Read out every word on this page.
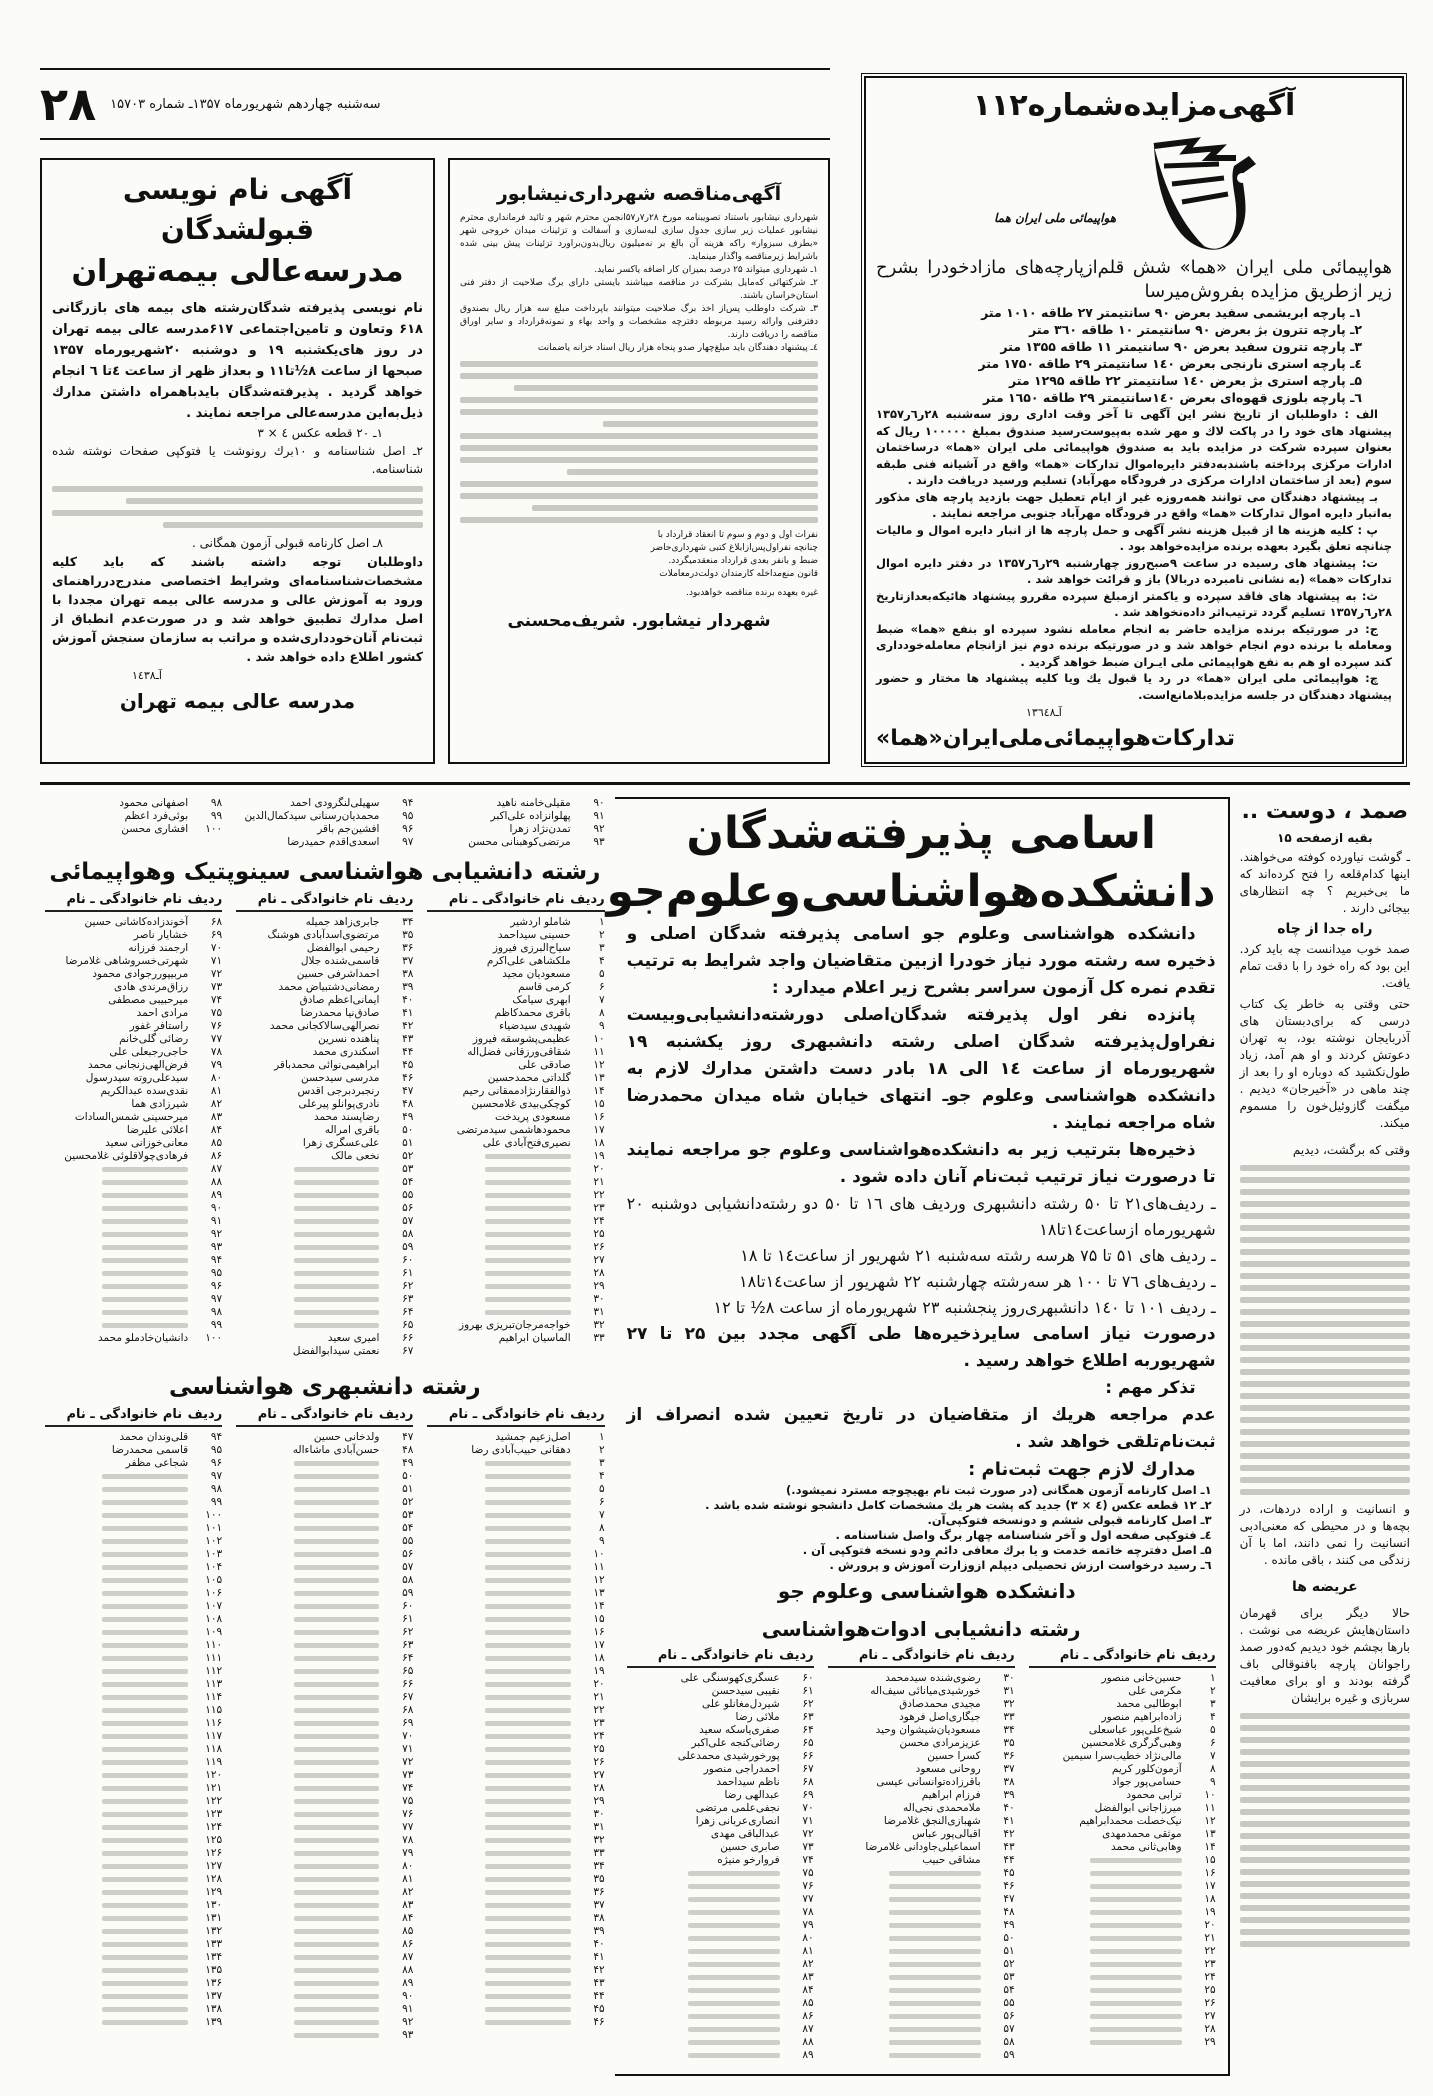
۲۸ سه‌شنبه چهاردهم شهریورماه ۱۳۵۷ـ شماره ۱۵۷۰۳
آگهی نام نویسی قبولشدگان
مدرسه‌عالی بیمه‌تهران

نام نویسی پذیرفته شدگان‌رشته های بیمه های بازرگانی ۶۱۸ وتعاون و تامین‌اجتماعی ۶۱۷مدرسه عالی بیمه تهران در روز های‌یکشنبه ۱۹ و دوشنبه ۲۰شهریورماه ۱۳۵۷ صبحها از ساعت ۸½تا۱۱ و بعداز ظهر از ساعت ٤تا ٦ انجام خواهد گردید . پذیرفته‌شدگان بایدباهمراه داشتن مدارك ذیل‌به‌این مدرسه‌عالی مراجعه نمایند .

۱ـ ۲۰ قطعه عکس ٤ × ۳

۲ـ اصل شناسنامه و ۱۰برك رونوشت یا فتوکپی صفحات نوشته شده شناسنامه.

۸ـ اصل کارنامه قبولی آزمون همگانی .

داوطلبان توجه داشته باشند که باید کلیه مشخصات‌شناسنامه‌ای وشرایط اختصاصی مندرج‌درراهنمای ورود به آموزش عالی و مدرسه عالی بیمه تهران مجددا با اصل مدارك تطبیق خواهد شد و در صورت‌عدم انطباق از ثبت‌نام آنان‌خودداری‌شده و مراتب به سازمان سنجش آموزش کشور اطلاع داده خواهد شد .

آـ۱٤۳۸
مدرسه عالی بیمه تهران
آگهی‌مناقصه شهرداری‌نیشابور

شهرداری نیشابور باستناد تصویبنامه مورخ ۲۸ر۷ر۵۷انجمن محترم شهر و تائید فرمانداری محترم نیشابور عملیات زیر سازی جدول سازی لبه‌سازی و آسفالت و تزئینات میدان خروجی شهر «بطرف سبزوار» راکه هزینه آن بالغ بر نه‌میلیون ریال‌بدون‌براورد تزئینات پیش بینی شده باشرایط زیرمناقصه واگذار مینماید.

۱ـ شهرداری میتواند ۲۵ درصد بمیزان کار اضافه یاکسر نماید.

۲ـ شرکتهائی که‌مایل بشرکت در مناقصه میباشند بایستی دارای برگ صلاحیت از دفتر فنی استان‌خراسان باشند.

۳ـ شرکت داوطلب پس‌از اخذ برگ صلاحیت میتوانند باپرداخت مبلغ سه هزار ریال بصندوق دفترفنی وارائه رسید مربوطه دفترچه مشخصات و واحد بهاء و نمونه‌قرارداد و سایر اوراق مناقصه را دریافت دارند.

٤ـ پیشنهاد دهندگان باید مبلغ‌چهار صدو پنجاه هزار ریال اسناد خزانه یاضمانت

نفرات اول و دوم و سوم تا انعقاد قرارداد با

چنانچه نفراول‌پس‌ازابلاغ کتبی شهرداری‌حاضر

ضبط و بانفر بعدی قرارداد منعقدمیگردد.

قانون منع‌مداخله کارمندان دولت‌درمعاملات

غیره بعهده برنده مناقصه خواهدبود.

شهردار نیشابور. شریف‌محسنی
آگهی‌مزایده‌شماره۱۱۲
هواپیمائی ملی ایران هما

هواپیمائی ملی ایران «هما» شش قلم‌ازپارچه‌های مازادخودرا بشرح زیر ازطریق مزایده بفروش‌میرسا

۱ـ پارچه ابریشمی سفید بعرض ۹۰ سانتیمتر ۲۷ طاقه ۱۰۱۰ متر

۲ـ پارچه تترون بژ بعرض ۹۰ سانتیمتر ۱۰ طاقه ۳٦۰ متر

۳ـ پارچه تترون سفید بعرض ۹۰ سانتیمتر ۱۱ طاقه ۱۳۵۵ متر

٤ـ پارچه استری نارنجی بعرض ۱٤۰ سانتیمتر ۲۹ طاقه ۱۷۵۰ متر

۵ـ پارچه استری بژ بعرض ۱٤۰ سانتیمتر ۲۲ طاقه ۱۲۹۵ متر

٦ـ پارچه بلوزی قهوه‌ای بعرض ۱٤۰سانتیمتر ۲۹ طاقه ۱٦۵۰ متر

الف : داوطلبان از تاریخ نشر این آگهی تا آخر وقت اداری روز سه‌شنبه ۲۸ر٦ر۱۳۵۷ پیشنهاد های خود را در پاکت لاك و مهر شده به‌پیوست‌رسید صندوق بمبلغ ۱۰۰۰۰۰ ریال که بعنوان سپرده شرکت در مزایده باید به صندوق هواپیمائی ملی ایران «هما» درساختمان ادارات مرکزی پرداخته باشندبه‌دفتر دایره‌اموال تدارکات «هما» واقع در آشیانه فنی طبقه سوم (بعد از ساختمان ادارات مرکزی در فرودگاه مهرآباد) تسلیم ورسید دریافت دارند .

بـ پیشنهاد دهندگان می توانند همه‌روزه غیر از ایام تعطیل جهت بازدید پارچه های مذکور به‌انبار دایره اموال تدارکات «هما» واقع در فرودگاه مهرآباد جنوبی مراجعه نمایند .

پ : کلیه هزینه ها از قبیل هزینه نشر آگهی و حمل پارچه ها از انبار دایره اموال و مالیات چنانچه تعلق بگیرد بعهده برنده مزایده‌خواهد بود .

ت: پیشنهاد های رسیده در ساعت ۹صبح‌روز چهارشنبه ۲۹ر٦ر۱۳۵۷ در دفتر دایره اموال تدارکات «هما» (به نشانی نامبرده دربالا) باز و قرائت خواهد شد .

ث: به پیشنهاد های فاقد سپرده و یاکمتر ازمبلغ سپرده مقررو پیشنهاد هائیکه‌بعدازتاریخ ۲۸ر٦ر۱۳۵۷ تسلیم گردد ترتیب‌اثر داده‌نخواهد شد .

ج: در صورتیکه برنده مزایده حاضر به انجام معامله نشود سپرده او بنفع «هما» ضبط ومعامله با برنده دوم انجام خواهد شد و در صورتیکه برنده دوم نیز ازانجام معامله‌خودداری کند سپرده او هم به نفع هواپیمائی ملی ایـران ضبط خواهد گردید .

چ: هواپیمائی ملی ایران «هما» در رد یا قبول یك ویا کلیه پیشنهاد ها مختار و حضور پیشنهاد دهندگان در جلسه مزایده‌بلامانع‌است.

آـ۱۳٦٤۸
تدارکات‌هواپیمائی‌ملی‌ایران«هما»
۹۰
مقیلی‌خامنه ناهید
۹۱
پهلوانزاده علی‌اکبر
۹۲
تمدن‌نژاد زهرا
۹۳
مرتضی‌کوهبنانی محسن
۹۴
سهیلی‌لنگرودی احمد
۹۵
محمدیان‌رسنانی سیدکمال‌الدین
۹۶
افشین‌جم باقر
۹۷
اسعدی‌اقدم حمیدرضا
۹۸
اصفهانی محمود
۹۹
بوئی‌فرد اعظم
۱۰۰
افشاری محسن
رشته دانشیابی هواشناسی سینوپتیک وهواپیمائی
ردیف
نام خانوادگی ـ نام
۱
شاملو اردشیر
۲
حسینی سیداحمد
۳
سیاح‌البرزی فیروز
۴
ملکشاهی علی‌اکرم
۵
مسعودیان مجید
۶
کرمی قاسم
۷
ابهری سیامک
۸
باقری محمدکاظم
۹
شهیدی سیدضیاء
۱۰
عظیمی‌پشوسقه فیروز
۱۱
شقاقی‌ورزقانی فضل‌اله
۱۲
صادقی علی
۱۳
گلداتی محمدحسین
۱۴
ذوالفقارنژادممقانی رحیم
۱۵
کوچکی‌بیدی غلامحسین
۱۶
مسعودی پریدخت
۱۷
محمودهاشمی سیدمرتضی
۱۸
نصیری‌فتح‌آبادی علی
۱۹
۲۰
۲۱
۲۲
۲۳
۲۴
۲۵
۲۶
۲۷
۲۸
۲۹
۳۰
۳۱
۳۲
خواجه‌مرجان‌تبریزی بهروز
۳۳
الماسیان ابراهیم
ردیف
نام خانوادگی ـ نام
۳۴
جابری‌زاهد جمیله
۳۵
مرتضوی‌اسدآبادی هوشنگ
۳۶
رحیمی ابوالفضل
۳۷
قاسمی‌شنده جلال
۳۸
احمداشرفی حسین
۳۹
رمضانی‌دشتبیاض محمد
۴۰
ایمانی‌اعظم صادق
۴۱
صادق‌نیا محمدرضا
۴۲
نصرالهی‌سالاکجانی محمد
۴۳
پناهنده نسرین
۴۴
اسکندری محمد
۴۵
ابراهیمی‌نوائی محمدباقر
۴۶
مدرسی سیدحسن
۴۷
رنجبردبرجی اقدس
۴۸
نادری‌پوانلو پیرعلی
۴۹
رضاپسند محمد
۵۰
باقری امراله
۵۱
علی‌عسگری زهرا
۵۲
نخعی مالک
۵۳
۵۴
۵۵
۵۶
۵۷
۵۸
۵۹
۶۰
۶۱
۶۲
۶۳
۶۴
۶۵
۶۶
امیری سعید
۶۷
نعمتی سیدابوالفضل
ردیف
نام خانوادگی ـ نام
۶۸
آخوندزاده‌کاشانی حسین
۶۹
خشایار ناصر
۷۰
ارجمند فرزانه
۷۱
شهرتی‌خسروشاهی غلامرضا
۷۲
مربیپوررجوادی محمود
۷۳
رزاق‌مرندی هادی
۷۴
میرحبیبی مصطفی
۷۵
مرادی احمد
۷۶
راستافر غفور
۷۷
رضائی گلی‌خانم
۷۸
حاجی‌رجبعلی علی
۷۹
فرض‌الهی‌زنجانی محمد
۸۰
سیدعلی‌روته سیدرسول
۸۱
نقدی‌سده عبدالکریم
۸۲
شیرزادی هما
۸۳
میرحسینی شمس‌السادات
۸۴
اعلائی علیرضا
۸۵
معانی‌خوزانی سعید
۸۶
فرهادی‌چولاقلوئی غلامحسین
۸۷
۸۸
۸۹
۹۰
۹۱
۹۲
۹۳
۹۴
۹۵
۹۶
۹۷
۹۸
۹۹
۱۰۰
دانشیان‌خادملو محمد
رشته دانشبهری هواشناسی
ردیف
نام خانوادگی ـ نام
۱
اصل‌زعیم جمشید
۲
دهقانی حبیب‌آبادی رضا
۳
۴
۵
۶
۷
۸
۹
۱۰
۱۱
۱۲
۱۳
۱۴
۱۵
۱۶
۱۷
۱۸
۱۹
۲۰
۲۱
۲۲
۲۳
۲۴
۲۵
۲۶
۲۷
۲۸
۲۹
۳۰
۳۱
۳۲
۳۳
۳۴
۳۵
۳۶
۳۷
۳۸
۳۹
۴۰
۴۱
۴۲
۴۳
۴۴
۴۵
۴۶
ردیف
نام خانوادگی ـ نام
۴۷
ولدخانی حسین
۴۸
حسن‌آبادی ماشاءاله
۴۹
۵۰
۵۱
۵۲
۵۳
۵۴
۵۵
۵۶
۵۷
۵۸
۵۹
۶۰
۶۱
۶۲
۶۳
۶۴
۶۵
۶۶
۶۷
۶۸
۶۹
۷۰
۷۱
۷۲
۷۳
۷۴
۷۵
۷۶
۷۷
۷۸
۷۹
۸۰
۸۱
۸۲
۸۳
۸۴
۸۵
۸۶
۸۷
۸۸
۸۹
۹۰
۹۱
۹۲
۹۳
ردیف
نام خانوادگی ـ نام
۹۴
قلی‌وندان محمد
۹۵
قاسمی محمدرضا
۹۶
شجاعی مظفر
۹۷
۹۸
۹۹
۱۰۰
۱۰۱
۱۰۲
۱۰۳
۱۰۴
۱۰۵
۱۰۶
۱۰۷
۱۰۸
۱۰۹
۱۱۰
۱۱۱
۱۱۲
۱۱۳
۱۱۴
۱۱۵
۱۱۶
۱۱۷
۱۱۸
۱۱۹
۱۲۰
۱۲۱
۱۲۲
۱۲۳
۱۲۴
۱۲۵
۱۲۶
۱۲۷
۱۲۸
۱۲۹
۱۳۰
۱۳۱
۱۳۲
۱۳۳
۱۳۴
۱۳۵
۱۳۶
۱۳۷
۱۳۸
۱۳۹
اسامی پذیرفته‌شدگان
دانشکده‌هواشناسی‌وعلوم‌جو

دانشکده هواشناسی وعلوم جو اسامی پذیرفته شدگان اصلی و ذخیره سه رشته مورد نیاز خودرا ازبین متقاضیان واجد شرایط به ترتیب تقدم نمره کل آزمون سراسر بشرح زیر اعلام میدارد :

پانزده نفر اول پذیرفته شدگان‌اصلی دورشته‌دانشیابی‌وبیست نفراول‌پذیرفته شدگان اصلی رشته دانشبهری روز یکشنبه ۱۹ شهریورماه از ساعت ۱٤ الی ۱۸ بادر دست داشتن مدارك لازم به دانشکده هواشناسی وعلوم جوـ انتهای خیابان شاه میدان محمدرضا شاه مراجعه نمایند .

ذخیره‌ها بترتیب زیر به دانشکده‌هواشناسی وعلوم جو مراجعه نمایند تا درصورت نیاز ترتیب ثبت‌نام آنان داده شود .

ـ ردیف‌های۲۱ تا ۵۰ رشته دانشبهری وردیف های ۱٦ تا ۵۰ دو رشته‌دانشیابی دوشنبه ۲۰ شهریورماه ازساعت۱٤تا۱۸

ـ ردیف های ۵۱ تا ۷۵ هرسه رشته سه‌شنبه ۲۱ شهریور از ساعت۱٤ تا ۱۸

ـ ردیف‌های ۷٦ تا ۱۰۰ هر سه‌رشته چهارشنبه ۲۲ شهریور از ساعت۱٤تا۱۸

ـ ردیف ۱۰۱ تا ۱٤۰ دانشبهری‌روز پنجشنبه ۲۳ شهریورماه از ساعت ۸½ تا ۱۲

درصورت نیاز اسامی سایرذخیره‌ها طی آگهی مجدد بین ۲۵ تا ۲۷ شهریوربه اطلاع خواهد رسید .

تذکر مهم :

عدم مراجعه هریك از متقاضیان در تاریخ تعیین شده انصراف از ثبت‌نام‌تلقی خواهد شد .

مدارك لازم جهت ثبت‌نام :

۱ـ اصل کارنامه آزمون همگانی (در صورت ثبت نام بهیچوجه مسترد نمیشود.)

۲ـ ۱۲ قطعه عکس (٤ × ۳) جدید که پشت هر یك مشخصات کامل دانشجو نوشته شده باشد .

۳ـ اصل کارنامه قبولی ششم و دونسخه فتوکپی‌آن.

٤ـ فتوکپی صفحه اول و آخر شناسنامه چهار برگ واصل شناسنامه .

۵ـ اصل دفترچه خاتمه خدمت و یا برك معافی دائم ودو نسخه فتوکپی آن .

٦ـ رسید درخواست ارزش تحصیلی دیپلم ازوزارت آموزش و پرورش .

دانشکده هواشناسی وعلوم جو
رشته دانشیابی ادوات‌هواشناسی
ردیف
نام خانوادگی ـ نام
۱
حسین‌خانی منصور
۲
مکرمی علی
۳
ابوطالبی محمد
۴
زاده‌ابراهیم منصور
۵
شیخ‌علی‌پور عباسعلی
۶
وهبی‌گرگری غلامحسین
۷
مالی‌نژاد خطیب‌سرا سیمین
۸
آزمون‌کلور کریم
۹
حسامی‌پور جواد
۱۰
ترابی محمود
۱۱
میرزاجانی ابوالفضل
۱۲
نیک‌خصلت محمدابراهیم
۱۳
موثقی محمدمهدی
۱۴
وهابی‌ثانی محمد
۱۵
۱۶
۱۷
۱۸
۱۹
۲۰
۲۱
۲۲
۲۳
۲۴
۲۵
۲۶
۲۷
۲۸
۲۹
ردیف
نام خانوادگی ـ نام
۳۰
رضوی‌شنده سیدمحمد
۳۱
خورشیدی‌میانائی سیف‌اله
۳۲
مجیدی محمدصادق
۳۳
جیگاری‌اصل فرهود
۳۴
مسعودیان‌شیشوان وحید
۳۵
عزیزمرادی محسن
۳۶
کسرا حسین
۳۷
روحانی مسعود
۳۸
باقرزاده‌توانسانی عیسی
۳۹
فرزام ابراهیم
۴۰
ملامحمدی نجی‌اله
۴۱
شهبازی‌النجق غلامرضا
۴۲
اقبالی‌پور عباس
۴۳
اسماعیلی‌جاودانی غلامرضا
۴۴
مشاقی حبیب
۴۵
۴۶
۴۷
۴۸
۴۹
۵۰
۵۱
۵۲
۵۳
۵۴
۵۵
۵۶
۵۷
۵۸
۵۹
ردیف
نام خانوادگی ـ نام
۶۰
عسگری‌کهوسنگی علی
۶۱
نقیبی سیدحسن
۶۲
شیردل‌مغانلو علی
۶۳
ملائی رضا
۶۴
صفری‌یاسکه سعید
۶۵
رضائی‌کنجه علی‌اکبر
۶۶
پورخورشیدی محمدعلی
۶۷
احمدراجی منصور
۶۸
ناظم سیداحمد
۶۹
عبدالهی رضا
۷۰
نجفی‌علمی مرتضی
۷۱
انصاری‌عربانی زهرا
۷۲
عبدالباقی مهدی
۷۳
صابری حسین
۷۴
فروارخو منیژه
۷۵
۷۶
۷۷
۷۸
۷۹
۸۰
۸۱
۸۲
۸۳
۸۴
۸۵
۸۶
۸۷
۸۸
۸۹
صمد ، دوست ..
بقیه ازصفحه ۱۵

ـ گوشت نیاورده کوفته می‌خواهند. اینها کدام‌قلعه را فتح کرده‌اند که ما بی‌خبریم ؟ چه انتظارهای بیجائی دارند .

راه جدا از چاه

صمد خوب میدانست چه باید کرد. این بود که راه خود را با دقت تمام یافت.

حتی وقتی به خاطر یک کتاب درسی که برای‌دبستان های آذربایجان نوشته بود، به تهران دعوتش کردند و او هم آمد، زیاد طول‌نکشید که دوباره او را بعد از چند ماهی در «آخیرجان» دیدیم . میگفت گازوئیل‌خون را مسموم میکند.

وقتی که برگشت، دیدیم

و انسانیت و اراده دردهات، در بچه‌ها و در محیطی که معنی‌ادبی انسانیت را نمی دانند، اما با آن زندگی می کنند ، باقی مانده .

عریضه ها

حالا دیگر برای قهرمان داستان‌هایش عریضه می نوشت . بارها بچشم خود دیدیم که‌دور صمد راجوانان پارچه بافنوقالی باف گرفته بودند و او برای معافیت سربازی و غیره برایشان
